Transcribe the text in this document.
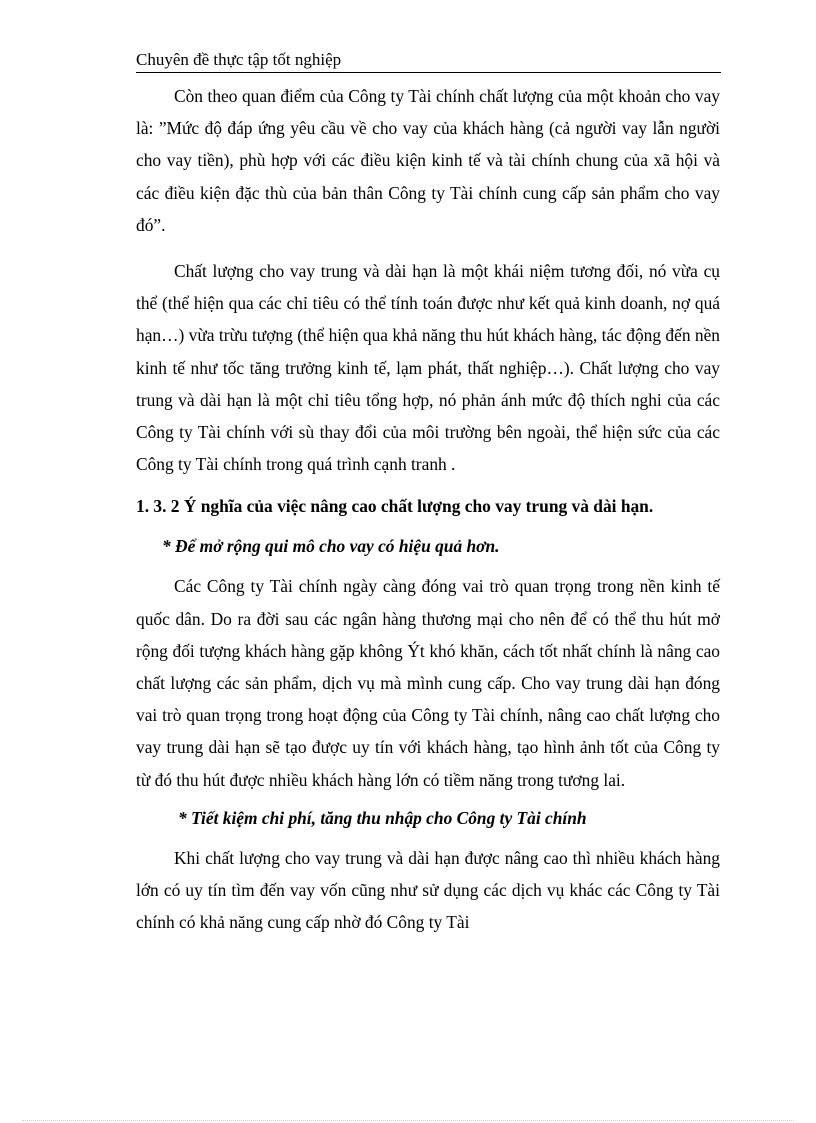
Chuyên đề thực tập tốt nghiệp

Còn theo quan điểm của Công ty Tài chính chất lượng của một khoản cho vay là: ”Mức độ đáp ứng yêu cầu về cho vay của khách hàng (cả người vay lẫn người cho vay tiền), phù hợp với các điều kiện kinh tế và tài chính chung của xã hội và các điều kiện đặc thù của bản thân Công ty Tài chính cung cấp sản phẩm cho vay đó”.

Chất lượng cho vay trung và dài hạn là một khái niệm tương đối, nó vừa cụ thể (thể hiện qua các chỉ tiêu có thể tính toán được như kết quả kinh doanh, nợ quá hạn…) vừa trừu tượng (thể hiện qua khả năng thu hút khách hàng, tác động đến nền kinh tế như tốc tăng trưởng kinh tế, lạm phát, thất nghiệp…). Chất lượng cho vay trung và dài hạn là một chỉ tiêu tổng hợp, nó phản ánh mức độ thích nghi của các Công ty Tài chính với sù thay đổi của môi trường bên ngoài, thể hiện sức của các Công ty Tài chính trong quá trình cạnh tranh .

1. 3. 2 Ý nghĩa của việc nâng cao chất lượng cho vay trung và dài hạn.

* Để mở rộng qui mô cho vay có hiệu quả hơn.

Các Công ty Tài chính ngày càng đóng vai trò quan trọng trong nền kinh tế quốc dân. Do ra đời sau các ngân hàng thương mại cho nên để có thể thu hút mở rộng đối tượng khách hàng gặp không Ýt khó khăn, cách tốt nhất chính là nâng cao chất lượng các sản phẩm, dịch vụ mà mình cung cấp. Cho vay trung dài hạn đóng vai trò quan trọng trong hoạt động của Công ty Tài chính, nâng cao chất lượng cho vay trung dài hạn sẽ tạo được uy tín với khách hàng, tạo hình ảnh tốt của Công ty từ đó thu hút được nhiều khách hàng lớn có tiềm năng trong tương lai.

* Tiết kiệm chi phí, tăng thu nhập cho Công ty Tài chính

Khi chất lượng cho vay trung và dài hạn được nâng cao thì nhiều khách hàng lớn có uy tín tìm đến vay vốn cũng như sử dụng các dịch vụ khác các Công ty Tài chính có khả năng cung cấp nhờ đó Công ty Tài
